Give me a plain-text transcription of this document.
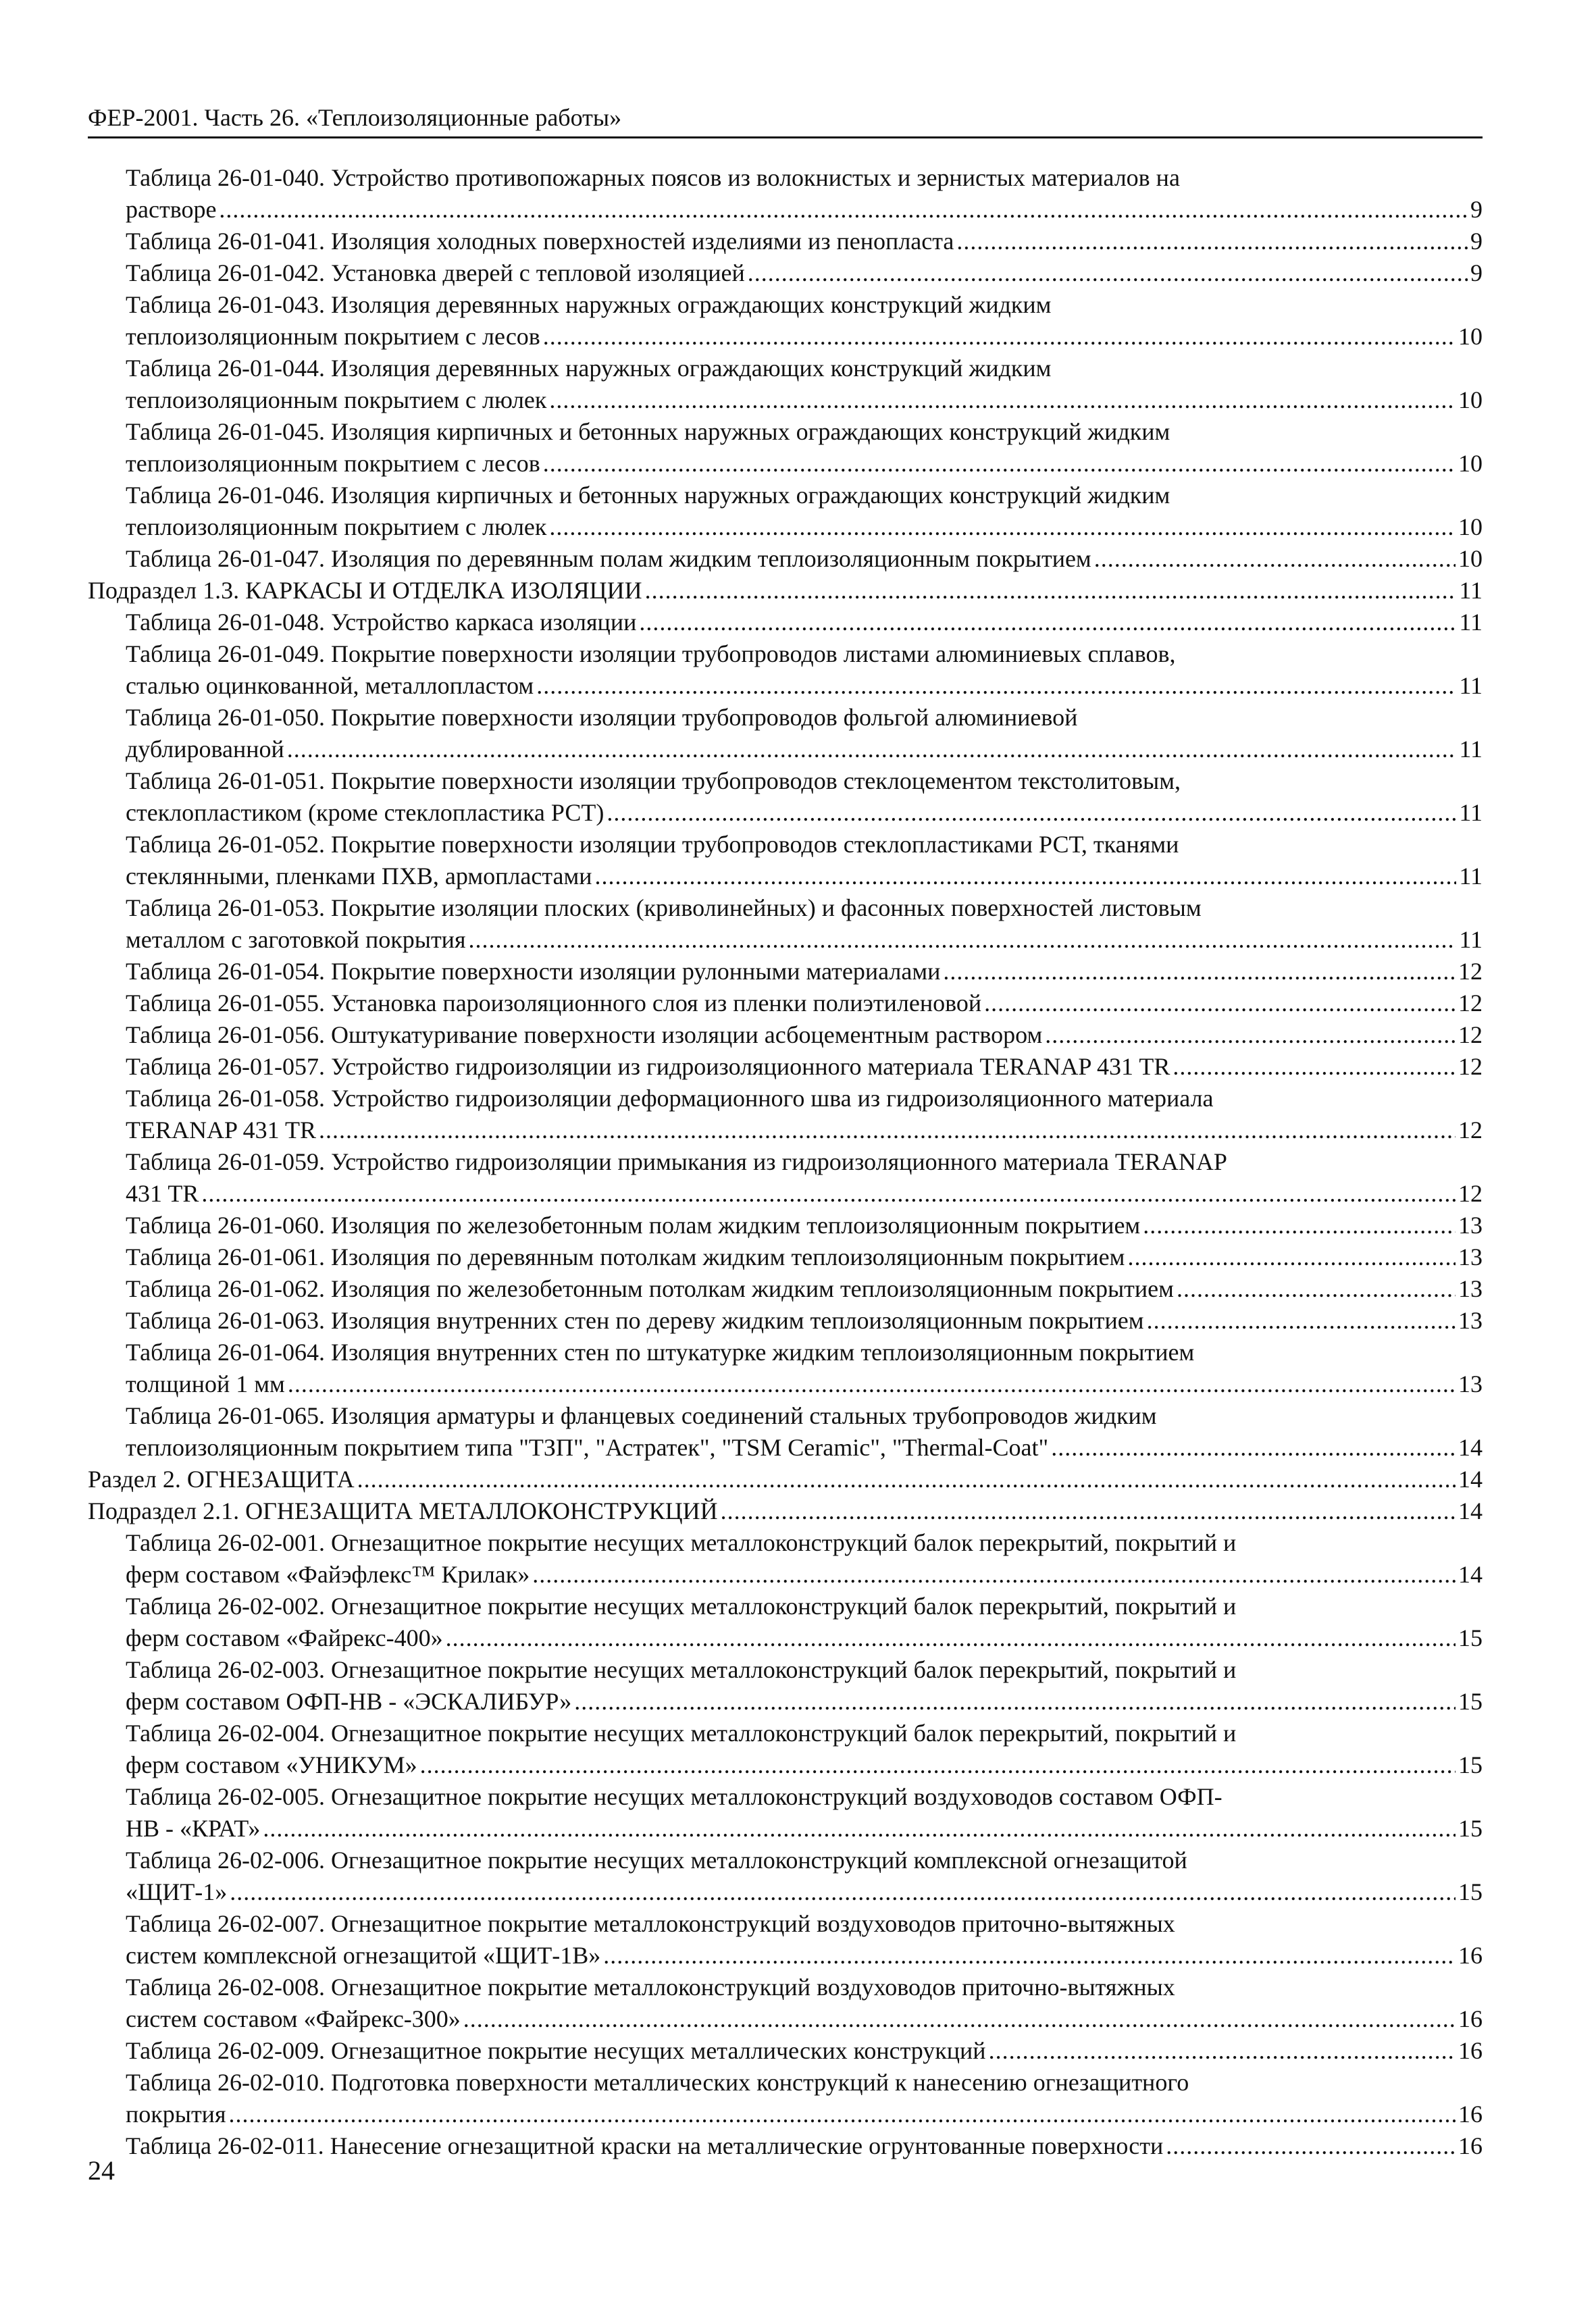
ФЕР-2001. Часть 26. «Теплоизоляционные работы»
Таблица 26-01-040. Устройство противопожарных поясов из волокнистых и зернистых материалов на
растворе . . .	9
Таблица 26-01-041. Изоляция холодных поверхностей изделиями из пенопласта . . .	9
Таблица 26-01-042. Установка дверей с тепловой изоляцией . . .	9
Таблица 26-01-043. Изоляция деревянных наружных ограждающих конструкций жидким
теплоизоляционным покрытием с лесов . . .	10
Таблица 26-01-044. Изоляция деревянных наружных ограждающих конструкций жидким
теплоизоляционным покрытием с люлек . . .	10
Таблица 26-01-045. Изоляция кирпичных и бетонных наружных ограждающих конструкций жидким
теплоизоляционным покрытием с лесов . . .	10
Таблица 26-01-046. Изоляция кирпичных и бетонных наружных ограждающих конструкций жидким
теплоизоляционным покрытием с люлек . . .	10
Таблица 26-01-047. Изоляция по деревянным полам жидким теплоизоляционным покрытием . . .	10
Подраздел 1.3. КАРКАСЫ И ОТДЕЛКА ИЗОЛЯЦИИ . . .	11
Таблица 26-01-048. Устройство каркаса изоляции . . .	11
Таблица 26-01-049. Покрытие поверхности изоляции трубопроводов листами алюминиевых сплавов,
сталью оцинкованной, металлопластом . . .	11
Таблица 26-01-050. Покрытие поверхности изоляции трубопроводов фольгой алюминиевой
дублированной . . .	11
Таблица 26-01-051. Покрытие поверхности изоляции трубопроводов стеклоцементом текстолитовым,
стеклопластиком (кроме стеклопластика РСТ) . . .	11
Таблица 26-01-052. Покрытие поверхности изоляции трубопроводов стеклопластиками РСТ, тканями
стеклянными, пленками ПХВ, армопластами . . .	11
Таблица 26-01-053. Покрытие изоляции плоских (криволинейных) и фасонных поверхностей листовым
металлом с заготовкой покрытия . . .	11
Таблица 26-01-054. Покрытие поверхности изоляции рулонными материалами . . .	12
Таблица 26-01-055. Установка пароизоляционного слоя из пленки полиэтиленовой . . .	12
Таблица 26-01-056. Оштукатуривание поверхности изоляции асбоцементным раствором . . .	12
Таблица 26-01-057. Устройство гидроизоляции из гидроизоляционного материала TERANAP 431 TR . . .	12
Таблица 26-01-058. Устройство гидроизоляции деформационного шва из гидроизоляционного материала
TERANAP 431 TR . . .	12
Таблица 26-01-059. Устройство гидроизоляции примыкания из гидроизоляционного материала TERANAP
431 TR . . .	12
Таблица 26-01-060. Изоляция по железобетонным полам жидким теплоизоляционным покрытием . . .	13
Таблица 26-01-061. Изоляция по деревянным потолкам жидким теплоизоляционным покрытием . . .	13
Таблица 26-01-062. Изоляция по железобетонным потолкам жидким теплоизоляционным покрытием . . .	13
Таблица 26-01-063. Изоляция внутренних стен по дереву жидким теплоизоляционным покрытием . . .	13
Таблица 26-01-064. Изоляция внутренних стен по штукатурке жидким теплоизоляционным покрытием
толщиной 1 мм . . .	13
Таблица 26-01-065. Изоляция арматуры и фланцевых соединений стальных трубопроводов жидким
теплоизоляционным покрытием типа "ТЗП", "Астратек", "TSM Ceramic", "Thermal-Coat" . . .	14
Раздел 2. ОГНЕЗАЩИТА . . .	14
Подраздел 2.1. ОГНЕЗАЩИТА МЕТАЛЛОКОНСТРУКЦИЙ . . .	14
Таблица 26-02-001. Огнезащитное покрытие несущих металлоконструкций балок перекрытий, покрытий и
ферм составом «Файэфлекс™ Крилак» . . .	14
Таблица 26-02-002. Огнезащитное покрытие несущих металлоконструкций балок перекрытий, покрытий и
ферм составом «Файрекс-400» . . .	15
Таблица 26-02-003. Огнезащитное покрытие несущих металлоконструкций балок перекрытий, покрытий и
ферм составом ОФП-НВ - «ЭСКАЛИБУР» . . .	15
Таблица 26-02-004. Огнезащитное покрытие несущих металлоконструкций балок перекрытий, покрытий и
ферм составом «УНИКУМ» . . .	15
Таблица 26-02-005. Огнезащитное покрытие несущих металлоконструкций воздуховодов составом ОФП-
НВ - «КРАТ» . . .	15
Таблица 26-02-006. Огнезащитное покрытие несущих металлоконструкций комплексной огнезащитой
«ЩИТ-1» . . .	15
Таблица 26-02-007. Огнезащитное покрытие металлоконструкций воздуховодов приточно-вытяжных
систем комплексной огнезащитой «ЩИТ-1В» . . .	16
Таблица 26-02-008. Огнезащитное покрытие металлоконструкций воздуховодов приточно-вытяжных
систем составом «Файрекс-300» . . .	16
Таблица 26-02-009. Огнезащитное покрытие несущих металлических конструкций . . .	16
Таблица 26-02-010. Подготовка поверхности металлических конструкций к нанесению огнезащитного
покрытия . . .	16
Таблица 26-02-011. Нанесение огнезащитной краски на металлические огрунтованные поверхности . . .	16
24
